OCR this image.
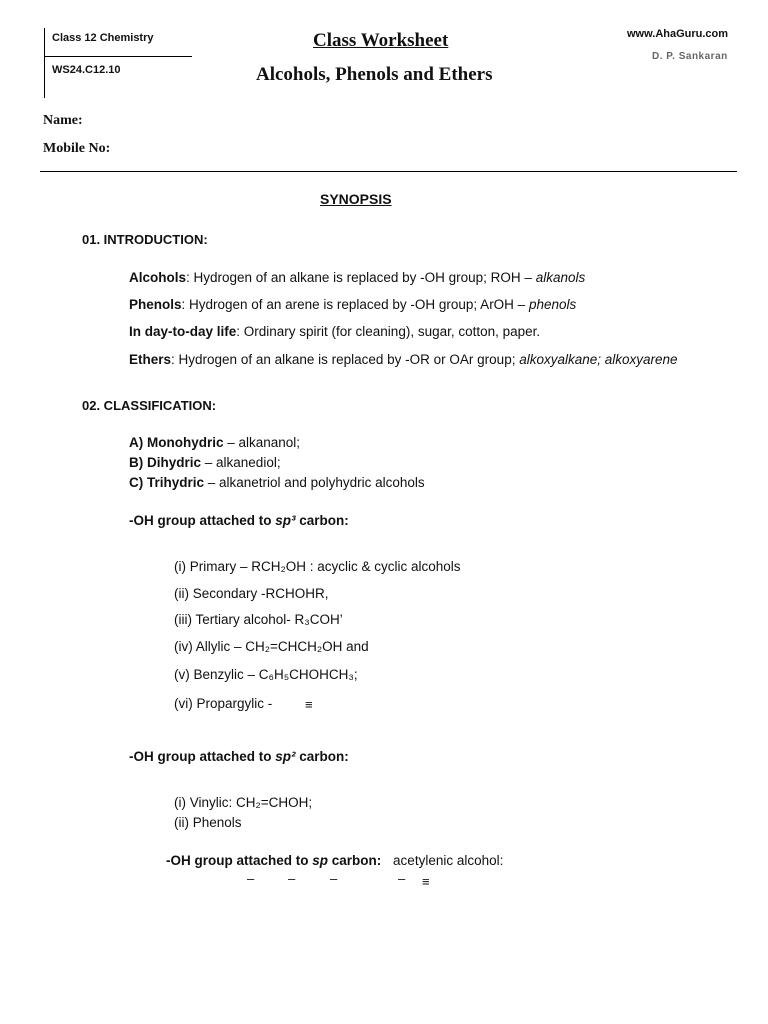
Class 12 Chemistry
WS24.C12.10
Class Worksheet
Alcohols, Phenols and Ethers
www.AhaGuru.com
D. P. Sankaran
Name:
Mobile No:
SYNOPSIS
01. INTRODUCTION:
Alcohols: Hydrogen of an alkane is replaced by -OH group; ROH – alkanols
Phenols: Hydrogen of an arene is replaced by -OH group; ArOH – phenols
In day-to-day life: Ordinary spirit (for cleaning), sugar, cotton, paper.
Ethers: Hydrogen of an alkane is replaced by -OR or OAr group; alkoxyalkane; alkoxyarene
02. CLASSIFICATION:
A) Monohydric – alkananol;
B) Dihydric – alkanediol;
C) Trihydric – alkanetriol and polyhydric alcohols
-OH group attached to sp³ carbon:
(i) Primary – RCH₂OH : acyclic & cyclic alcohols
(ii) Secondary -RCHOHR,
(iii) Tertiary alcohol- R₃COH’
(iv) Allylic – CH₂=CHCH₂OH and
(v) Benzylic – C₆H₅CHOHCH₃;
(vi) Propargylic -	≡
-OH group attached to sp² carbon:
(i) Vinylic: CH₂=CHOH;
(ii) Phenols
-OH group attached to sp carbon: acetylenic alcohol:
–	–	–	– ≡
